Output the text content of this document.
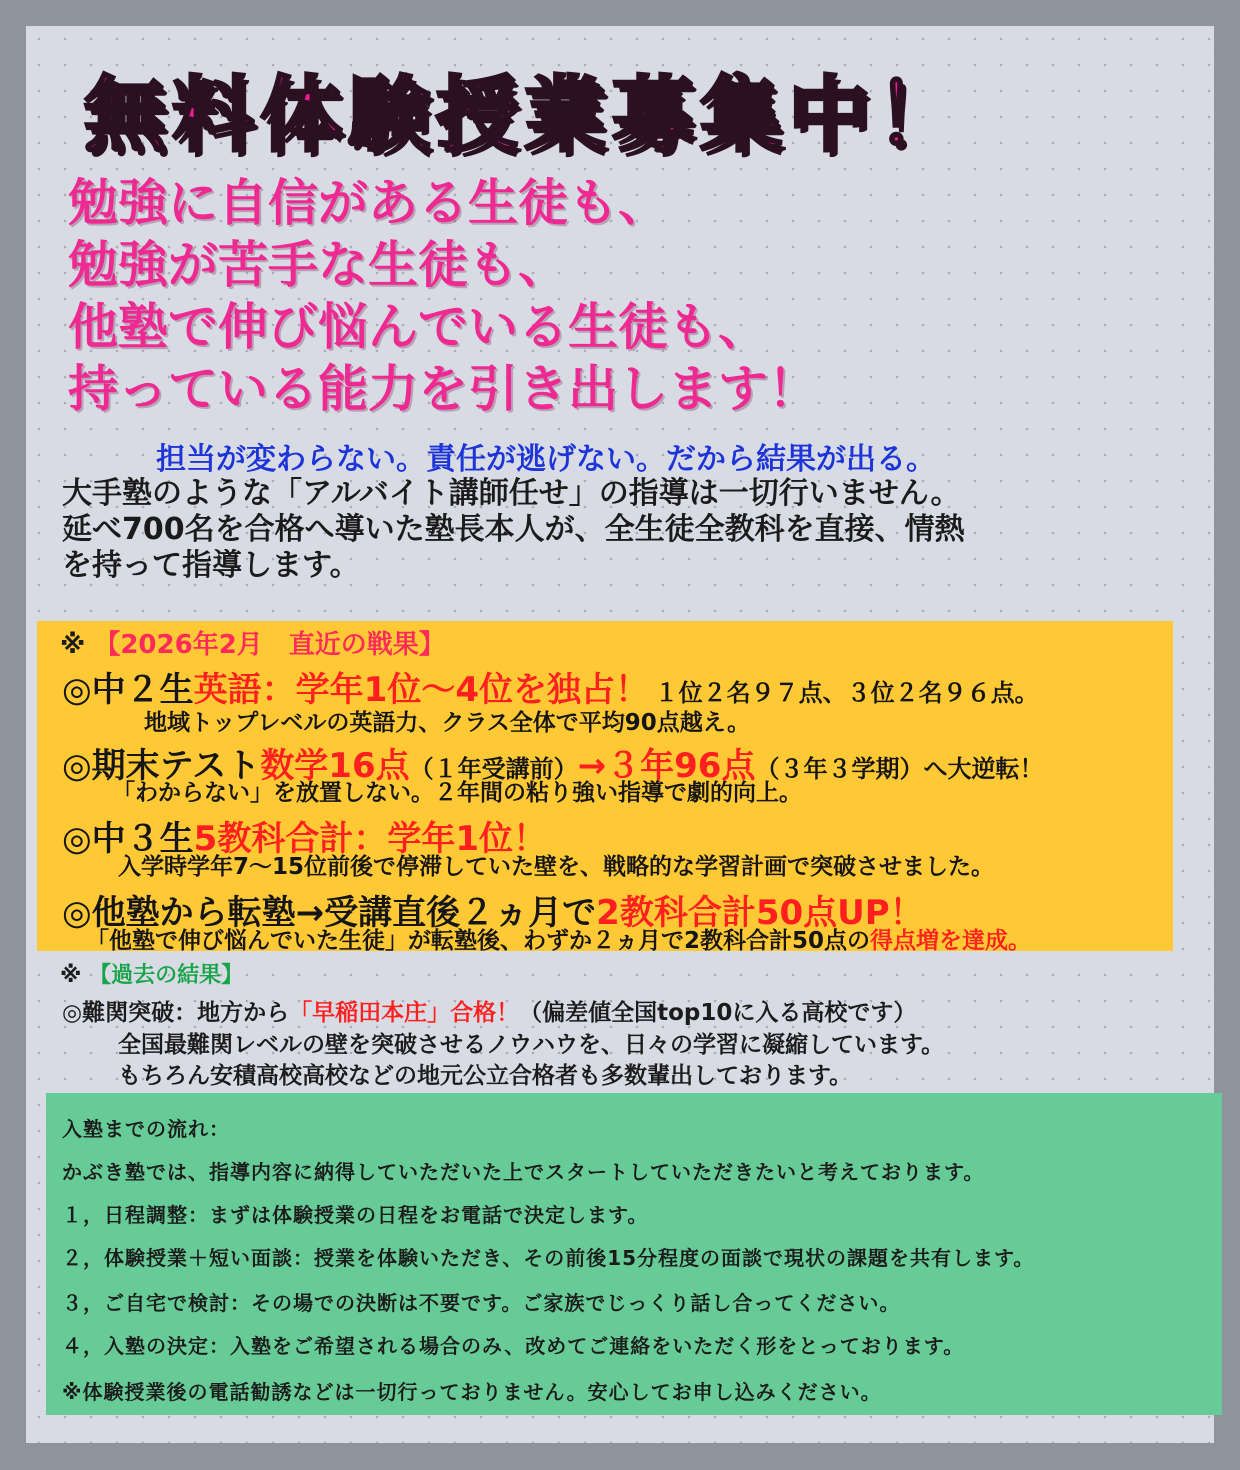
無料体験授業募集中！
勉強に自信がある生徒も、
勉強が苦手な生徒も、
他塾で伸び悩んでいる生徒も、
持っている能力を引き出します！
担当が変わらない。責任が逃げない。だから結果が出る。
大手塾のような「アルバイト講師任せ」の指導は一切行いません。
延べ700名を合格へ導いた塾長本人が、全生徒全教科を直接、情熱
を持って指導します。
※ 【2026年2月　直近の戦果】
◎中２生英語：学年1位～4位を独占！ １位２名９７点、３位２名９６点。
地域トップレベルの英語力、クラス全体で平均90点越え。
◎期末テスト数学16点（１年受講前）→３年96点（３年３学期）へ大逆転！
「わからない」を放置しない。２年間の粘り強い指導で劇的向上。
◎中３生5教科合計：学年1位！
入学時学年7～15位前後で停滞していた壁を、戦略的な学習計画で突破させました。
◎他塾から転塾→受講直後２ヵ月で2教科合計50点UP！
「他塾で伸び悩んでいた生徒」が転塾後、わずか２ヵ月で2教科合計50点の得点増を達成。
※ 【過去の結果】
◎難関突破：地方から「早稲田本庄」合格！（偏差値全国top10に入る高校です）
全国最難関レベルの壁を突破させるノウハウを、日々の学習に凝縮しています。
もちろん安積高校高校などの地元公立合格者も多数輩出しております。
入塾までの流れ：
かぶき塾では、指導内容に納得していただいた上でスタートしていただきたいと考えております。
１，日程調整：まずは体験授業の日程をお電話で決定します。
２，体験授業＋短い面談：授業を体験いただき、その前後15分程度の面談で現状の課題を共有します。
３，ご自宅で検討：その場での決断は不要です。ご家族でじっくり話し合ってください。
４，入塾の決定：入塾をご希望される場合のみ、改めてご連絡をいただく形をとっております。
※体験授業後の電話勧誘などは一切行っておりません。安心してお申し込みください。
